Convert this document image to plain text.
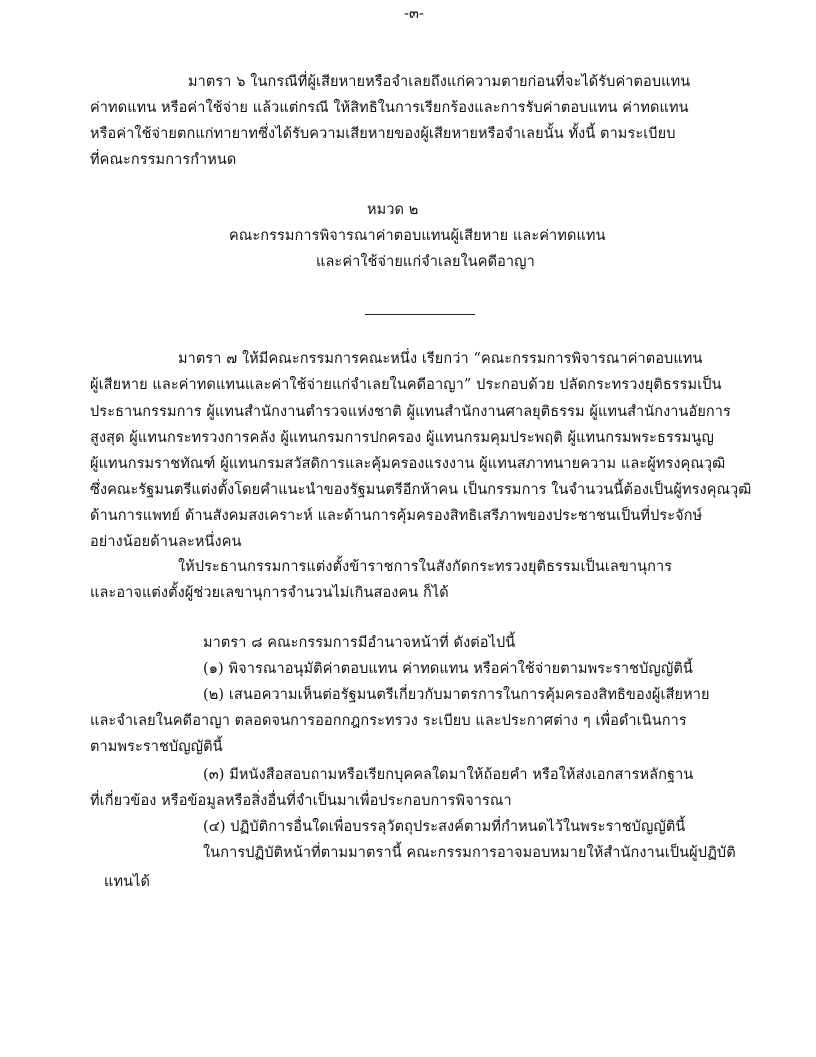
-๓-
มาตรา ๖ ในกรณีที่ผู้เสียหายหรือจำเลยถึงแก่ความตายก่อนที่จะได้รับค่าตอบแทน
ค่าทดแทน หรือค่าใช้จ่าย แล้วแต่กรณี ให้สิทธิในการเรียกร้องและการรับค่าตอบแทน ค่าทดแทน
หรือค่าใช้จ่ายตกแก่ทายาทซึ่งได้รับความเสียหายของผู้เสียหายหรือจำเลยนั้น ทั้งนี้ ตามระเบียบ
ที่คณะกรรมการกำหนด
หมวด ๒
คณะกรรมการพิจารณาค่าตอบแทนผู้เสียหาย และค่าทดแทน
และค่าใช้จ่ายแก่จำเลยในคดีอาญา
มาตรา ๗ ให้มีคณะกรรมการคณะหนึ่ง เรียกว่า “คณะกรรมการพิจารณาค่าตอบแทน
ผู้เสียหาย และค่าทดแทนและค่าใช้จ่ายแก่จำเลยในคดีอาญา” ประกอบด้วย ปลัดกระทรวงยุติธรรมเป็น
ประธานกรรมการ ผู้แทนสำนักงานตำรวจแห่งชาติ ผู้แทนสำนักงานศาลยุติธรรม ผู้แทนสำนักงานอัยการ
สูงสุด ผู้แทนกระทรวงการคลัง ผู้แทนกรมการปกครอง ผู้แทนกรมคุมประพฤติ ผู้แทนกรมพระธรรมนูญ
ผู้แทนกรมราชทัณฑ์ ผู้แทนกรมสวัสดิการและคุ้มครองแรงงาน ผู้แทนสภาทนายความ และผู้ทรงคุณวุฒิ
ซึ่งคณะรัฐมนตรีแต่งตั้งโดยคำแนะนำของรัฐมนตรีอีกห้าคน เป็นกรรมการ ในจำนวนนี้ต้องเป็นผู้ทรงคุณวุฒิ
ด้านการแพทย์ ด้านสังคมสงเคราะห์ และด้านการคุ้มครองสิทธิเสรีภาพของประชาชนเป็นที่ประจักษ์
อย่างน้อยด้านละหนึ่งคน
ให้ประธานกรรมการแต่งตั้งข้าราชการในสังกัดกระทรวงยุติธรรมเป็นเลขานุการ
และอาจแต่งตั้งผู้ช่วยเลขานุการจำนวนไม่เกินสองคน ก็ได้
มาตรา ๘ คณะกรรมการมีอำนาจหน้าที่ ดังต่อไปนี้
(๑) พิจารณาอนุมัติค่าตอบแทน ค่าทดแทน หรือค่าใช้จ่ายตามพระราชบัญญัตินี้
(๒) เสนอความเห็นต่อรัฐมนตรีเกี่ยวกับมาตรการในการคุ้มครองสิทธิของผู้เสียหาย
และจำเลยในคดีอาญา ตลอดจนการออกกฎกระทรวง ระเบียบ และประกาศต่าง ๆ เพื่อดำเนินการ
ตามพระราชบัญญัตินี้
(๓) มีหนังสือสอบถามหรือเรียกบุคคลใดมาให้ถ้อยคำ หรือให้ส่งเอกสารหลักฐาน
ที่เกี่ยวข้อง หรือข้อมูลหรือสิ่งอื่นที่จำเป็นมาเพื่อประกอบการพิจารณา
(๔) ปฏิบัติการอื่นใดเพื่อบรรลุวัตถุประสงค์ตามที่กำหนดไว้ในพระราชบัญญัตินี้
ในการปฏิบัติหน้าที่ตามมาตรานี้ คณะกรรมการอาจมอบหมายให้สำนักงานเป็นผู้ปฏิบัติ
แทนได้
